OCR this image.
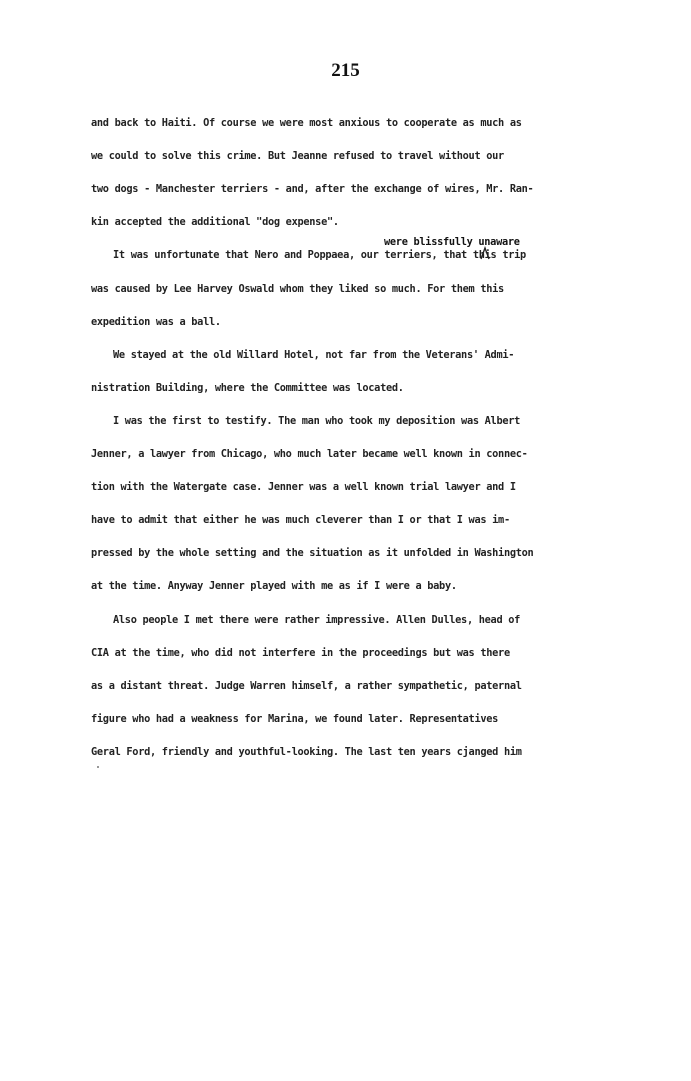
215
were blissfully unaware
and back to Haiti. Of course we were most anxious to cooperate as much as
we could to solve this crime. But Jeanne refused to travel without our
two dogs - Manchester terriers - and, after the exchange of wires, Mr. Ran-
kin accepted the additional "dog expense".
It was unfortunate that Nero and Poppaea, our terriers, that this trip
was caused by Lee Harvey Oswald whom they liked so much. For them this
expedition was a ball.
We stayed at the old Willard Hotel, not far from the Veterans' Admi-
nistration Building, where the Committee was located.
I was the first to testify. The man who took my deposition was Albert
Jenner, a lawyer from Chicago, who much later became well known in connec-
tion with the Watergate case. Jenner was a well known trial lawyer and I
have to admit that either he was much cleverer than I or that I was im-
pressed by the whole setting and the situation as it unfolded in Washington
at the time. Anyway Jenner played with me as if I were a baby.
Also people I met there were rather impressive. Allen Dulles, head of
CIA at the time, who did not interfere in the proceedings but was there
as a distant threat. Judge Warren himself, a rather sympathetic, paternal
figure who had a weakness for Marina, we found later. Representatives
Geral Ford, friendly and youthful-looking. The last ten years cjanged him
